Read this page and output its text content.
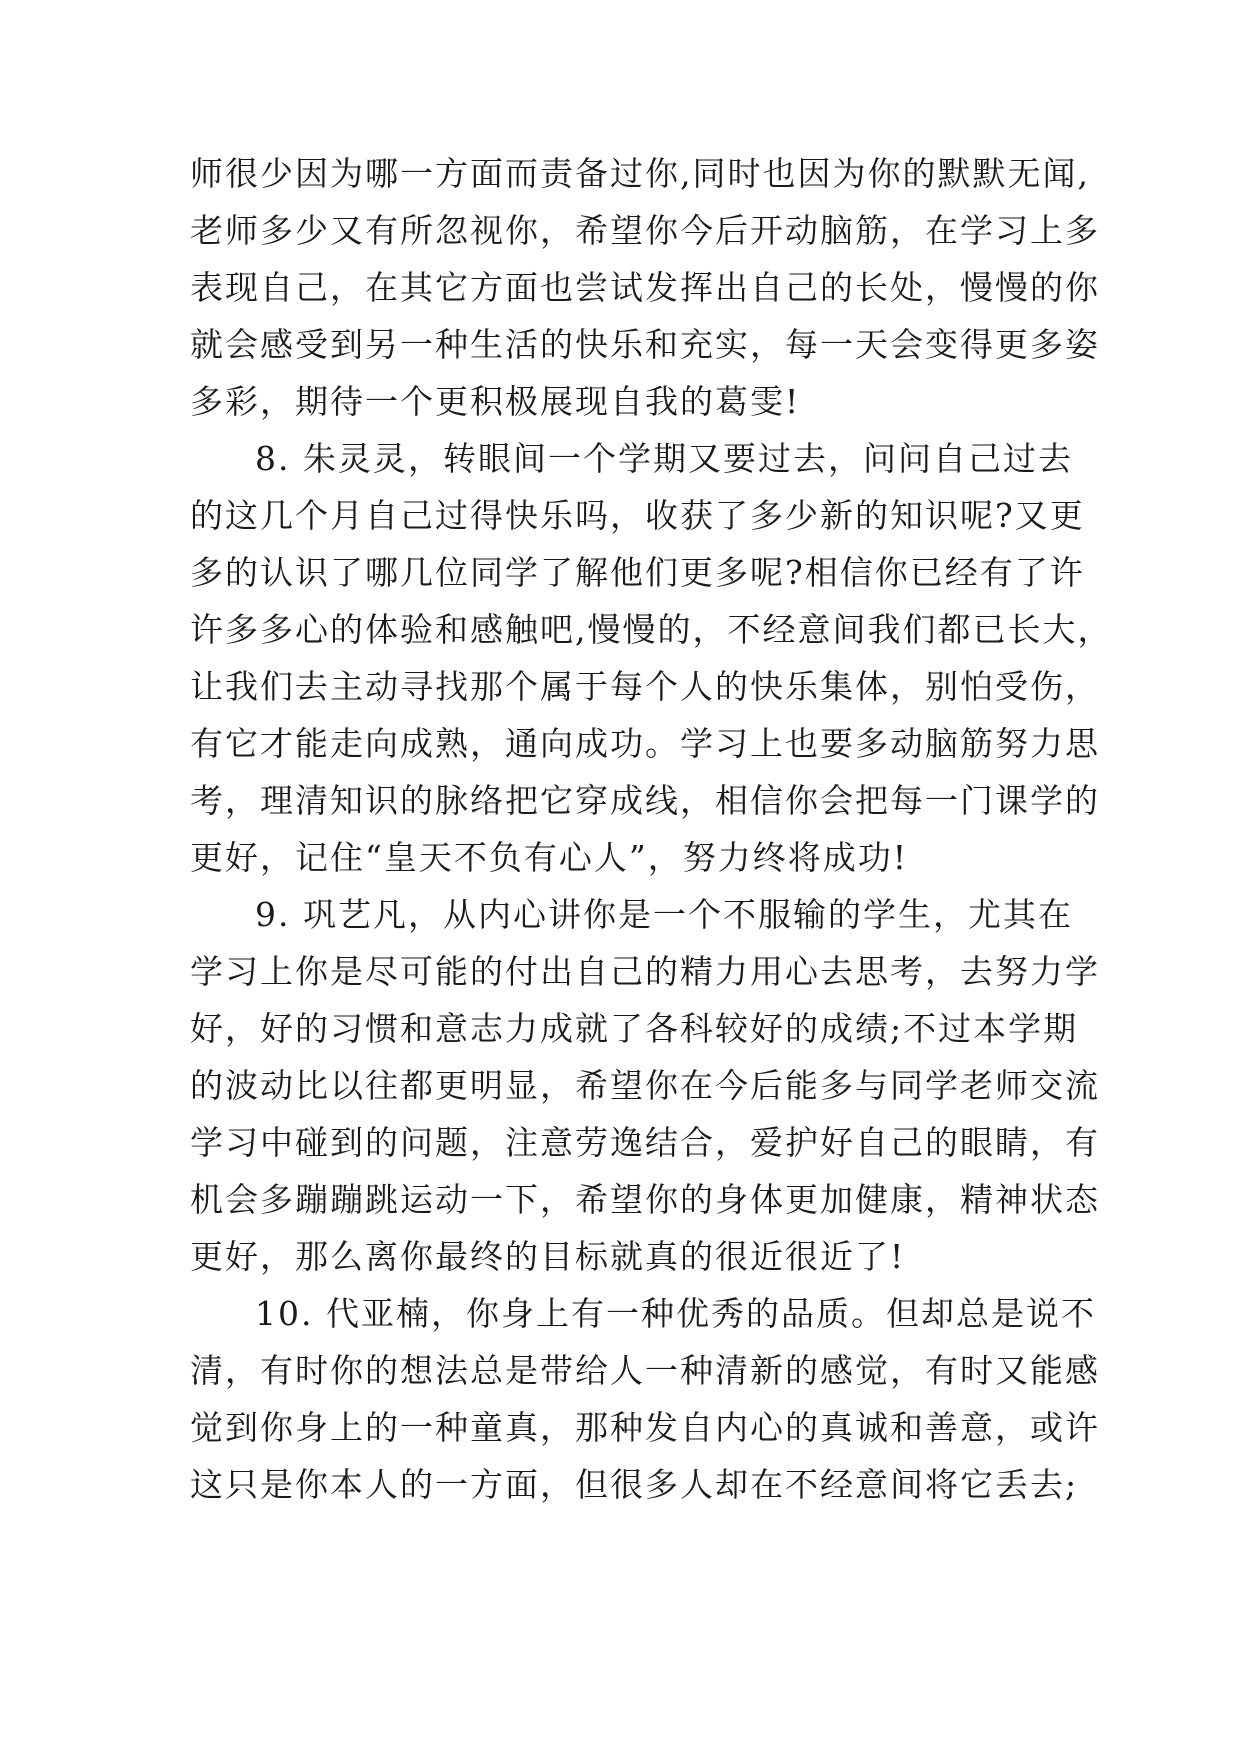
师很少因为哪一方面而责备过你,同时也因为你的默默无闻,
老师多少又有所忽视你，希望你今后开动脑筋，在学习上多
表现自己，在其它方面也尝试发挥出自己的长处，慢慢的你
就会感受到另一种生活的快乐和充实，每一天会变得更多姿
多彩，期待一个更积极展现自我的葛雯!
8. 朱灵灵，转眼间一个学期又要过去，问问自己过去
的这几个月自己过得快乐吗，收获了多少新的知识呢?又更
多的认识了哪几位同学了解他们更多呢?相信你已经有了许
许多多心的体验和感触吧,慢慢的，不经意间我们都已长大，
让我们去主动寻找那个属于每个人的快乐集体，别怕受伤，
有它才能走向成熟，通向成功。学习上也要多动脑筋努力思
考，理清知识的脉络把它穿成线，相信你会把每一门课学的
更好，记住“皇天不负有心人”，努力终将成功!
9. 巩艺凡，从内心讲你是一个不服输的学生，尤其在
学习上你是尽可能的付出自己的精力用心去思考，去努力学
好，好的习惯和意志力成就了各科较好的成绩;不过本学期
的波动比以往都更明显，希望你在今后能多与同学老师交流
学习中碰到的问题，注意劳逸结合，爱护好自己的眼睛，有
机会多蹦蹦跳运动一下，希望你的身体更加健康，精神状态
更好，那么离你最终的目标就真的很近很近了!
10. 代亚楠，你身上有一种优秀的品质。但却总是说不
清，有时你的想法总是带给人一种清新的感觉，有时又能感
觉到你身上的一种童真，那种发自内心的真诚和善意，或许
这只是你本人的一方面，但很多人却在不经意间将它丢去;
